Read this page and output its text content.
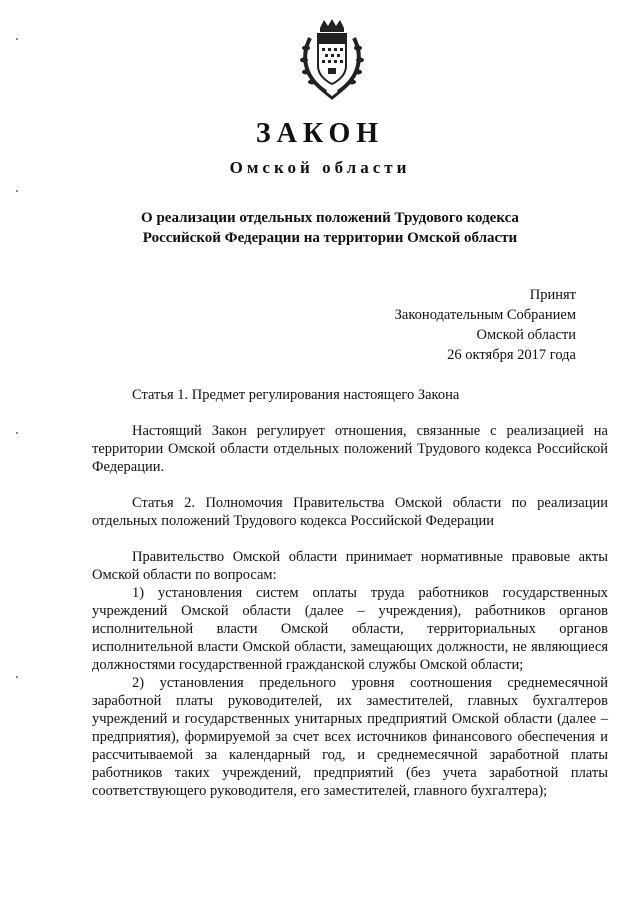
ЗАКОН
Омской области
О реализации отдельных положений Трудового кодекса Российской Федерации на территории Омской области
Принят
Законодательным Собранием
Омской области
26 октября 2017 года

Статья 1. Предмет регулирования настоящего Закона

Настоящий Закон регулирует отношения, связанные с реализацией на территории Омской области отдельных положений Трудового кодекса Российской Федерации.

Статья 2. Полномочия Правительства Омской области по реализации отдельных положений Трудового кодекса Российской Федерации

Правительство Омской области принимает нормативные правовые акты Омской области по вопросам:

1) установления систем оплаты труда работников государственных учреждений Омской области (далее – учреждения), работников органов исполнительной власти Омской области, территориальных органов исполнительной власти Омской области, замещающих должности, не являющиеся должностями государственной гражданской службы Омской области;

2) установления предельного уровня соотношения среднемесячной заработной платы руководителей, их заместителей, главных бухгалтеров учреждений и государственных унитарных предприятий Омской области (далее – предприятия), формируемой за счет всех источников финансового обеспечения и рассчитываемой за календарный год, и среднемесячной заработной платы работников таких учреждений, предприятий (без учета заработной платы соответствующего руководителя, его заместителей, главного бухгалтера);
